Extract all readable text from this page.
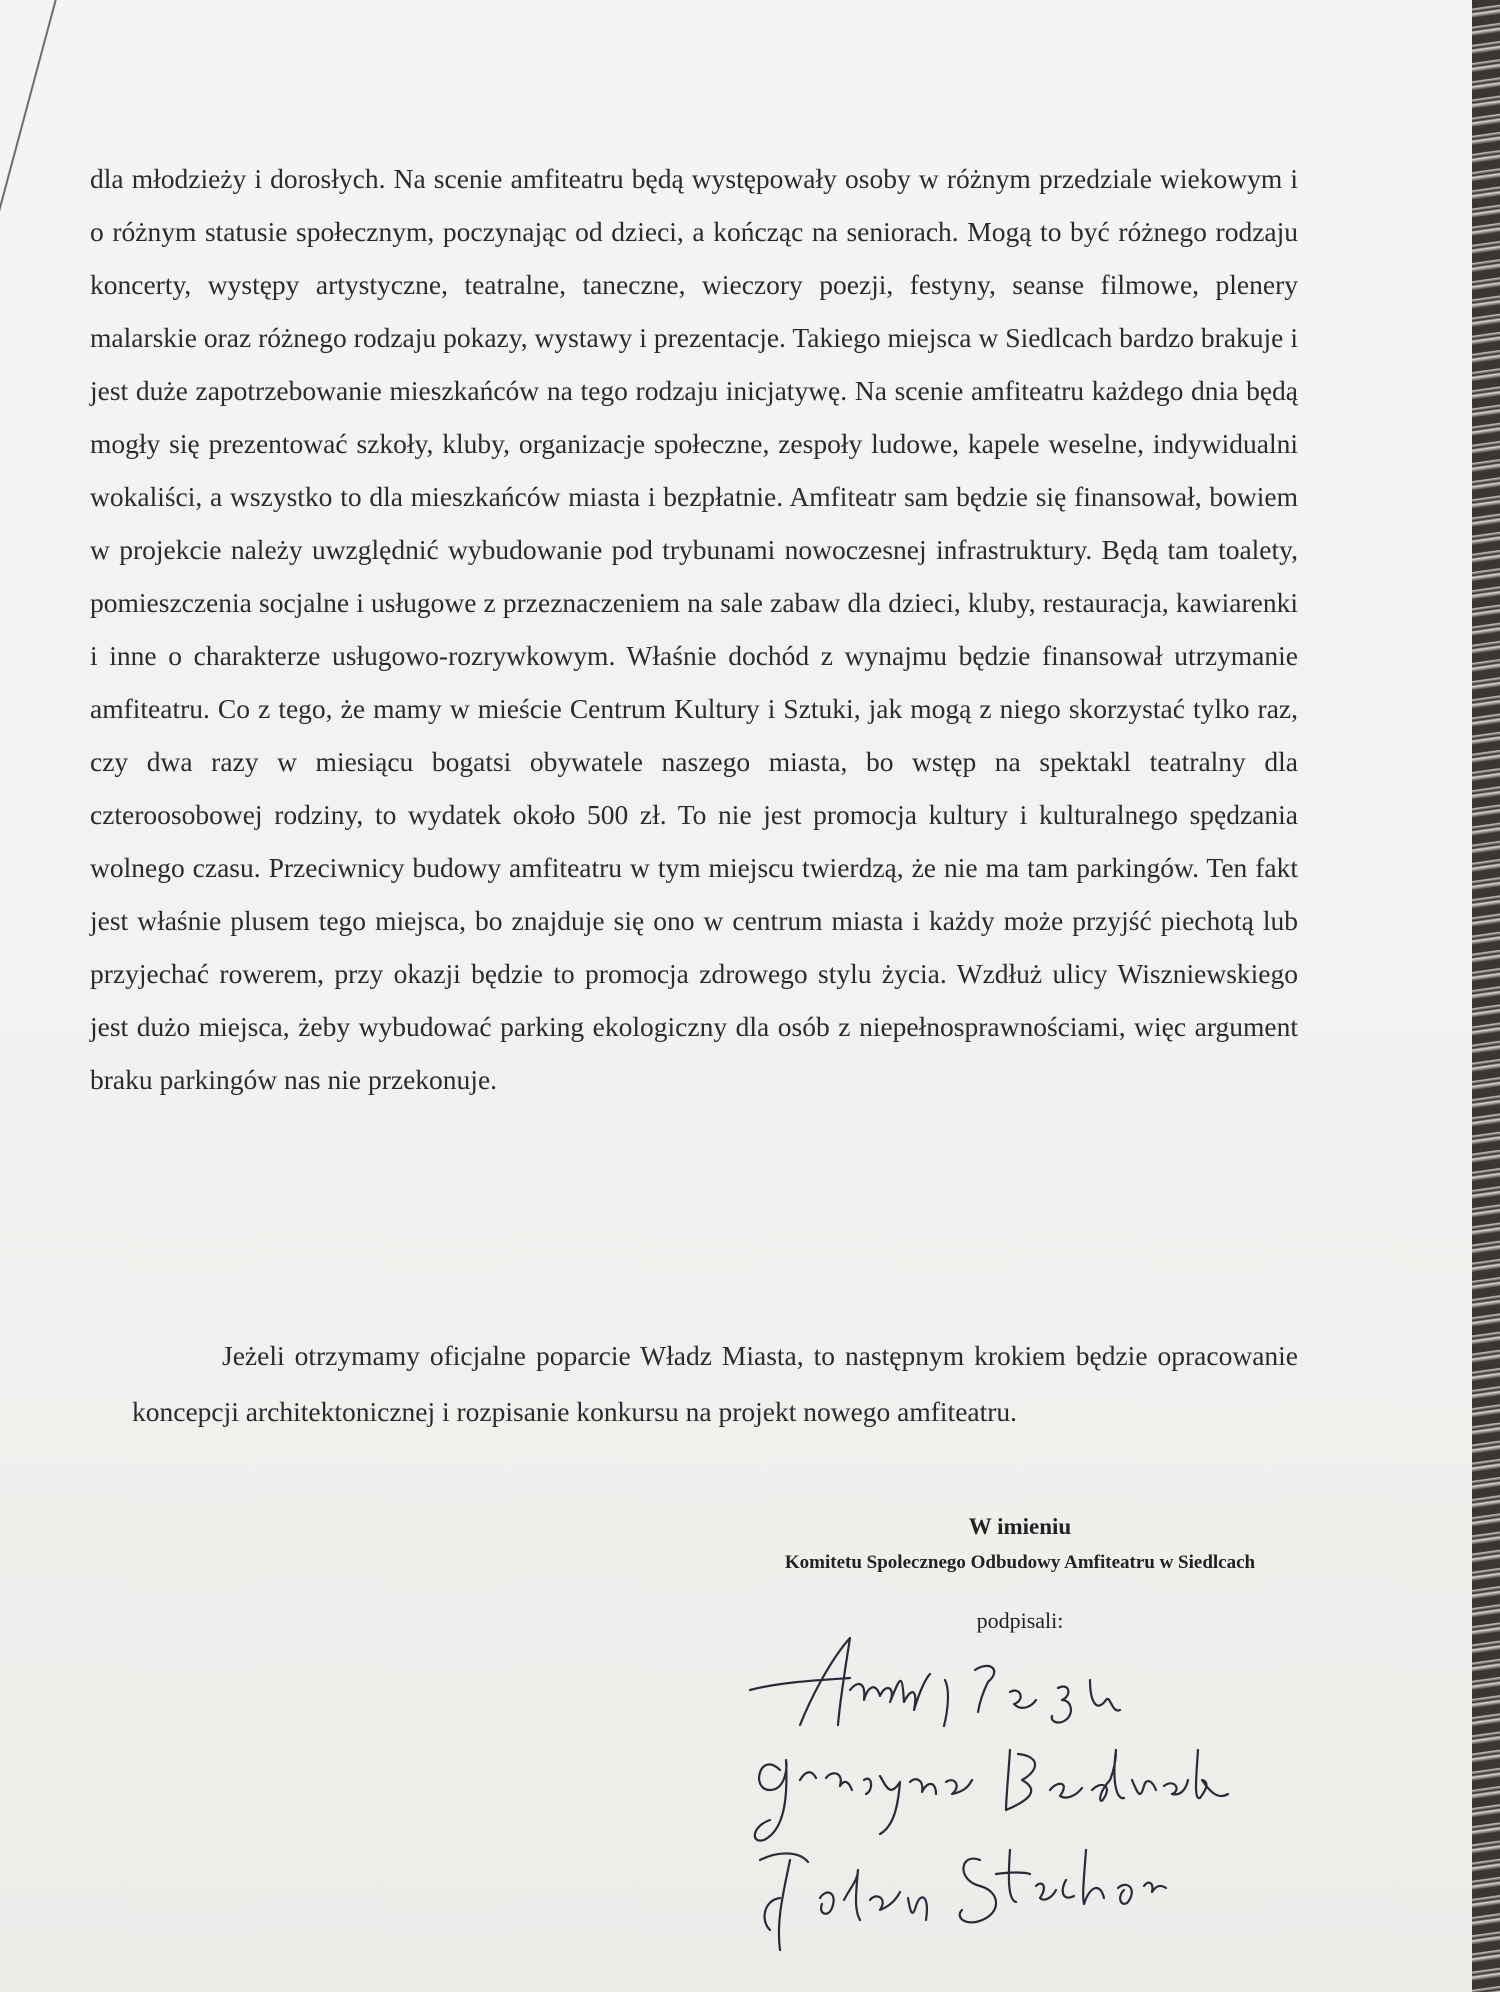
dla młodzieży i dorosłych. Na scenie amfiteatru będą występowały osoby w różnym przedziale wiekowym i o różnym statusie społecznym, poczynając od dzieci, a kończąc na seniorach. Mogą to być różnego rodzaju koncerty, występy artystyczne, teatralne, taneczne, wieczory poezji, festyny, seanse filmowe, plenery malarskie oraz różnego rodzaju pokazy, wystawy i prezentacje. Takiego miejsca w Siedlcach bardzo brakuje i jest duże zapotrzebowanie mieszkańców na tego rodzaju inicjatywę. Na scenie amfiteatru każdego dnia będą mogły się prezentować szkoły, kluby, organizacje społeczne, zespoły ludowe, kapele weselne, indywidualni wokaliści, a wszystko to dla mieszkańców miasta i bezpłatnie. Amfiteatr sam będzie się finansował, bowiem w projekcie należy uwzględnić wybudowanie pod trybunami nowoczesnej infrastruktury. Będą tam toalety, pomieszczenia socjalne i usługowe z przeznaczeniem na sale zabaw dla dzieci, kluby, restauracja, kawiarenki i inne o charakterze usługowo-rozrywkowym. Właśnie dochód z wynajmu będzie finansował utrzymanie amfiteatru. Co z tego, że mamy w mieście Centrum Kultury i Sztuki, jak mogą z niego skorzystać tylko raz, czy dwa razy w miesiącu bogatsi obywatele naszego miasta, bo wstęp na spektakl teatralny dla czteroosobowej rodziny, to wydatek około 500 zł. To nie jest promocja kultury i kulturalnego spędzania wolnego czasu. Przeciwnicy budowy amfiteatru w tym miejscu twierdzą, że nie ma tam parkingów. Ten fakt jest właśnie plusem tego miejsca, bo znajduje się ono w centrum miasta i każdy może przyjść piechotą lub przyjechać rowerem, przy okazji będzie to promocja zdrowego stylu życia. Wzdłuż ulicy Wiszniewskiego jest dużo miejsca, żeby wybudować parking ekologiczny dla osób z niepełnosprawnościami, więc argument braku parkingów nas nie przekonuje.

Jeżeli otrzymamy oficjalne poparcie Władz Miasta, to następnym krokiem będzie opracowanie koncepcji architektonicznej i rozpisanie konkursu na projekt nowego amfiteatru.
W imieniu
Komitetu Spolecznego Odbudowy Amfiteatru w Siedlcach
podpisali:
